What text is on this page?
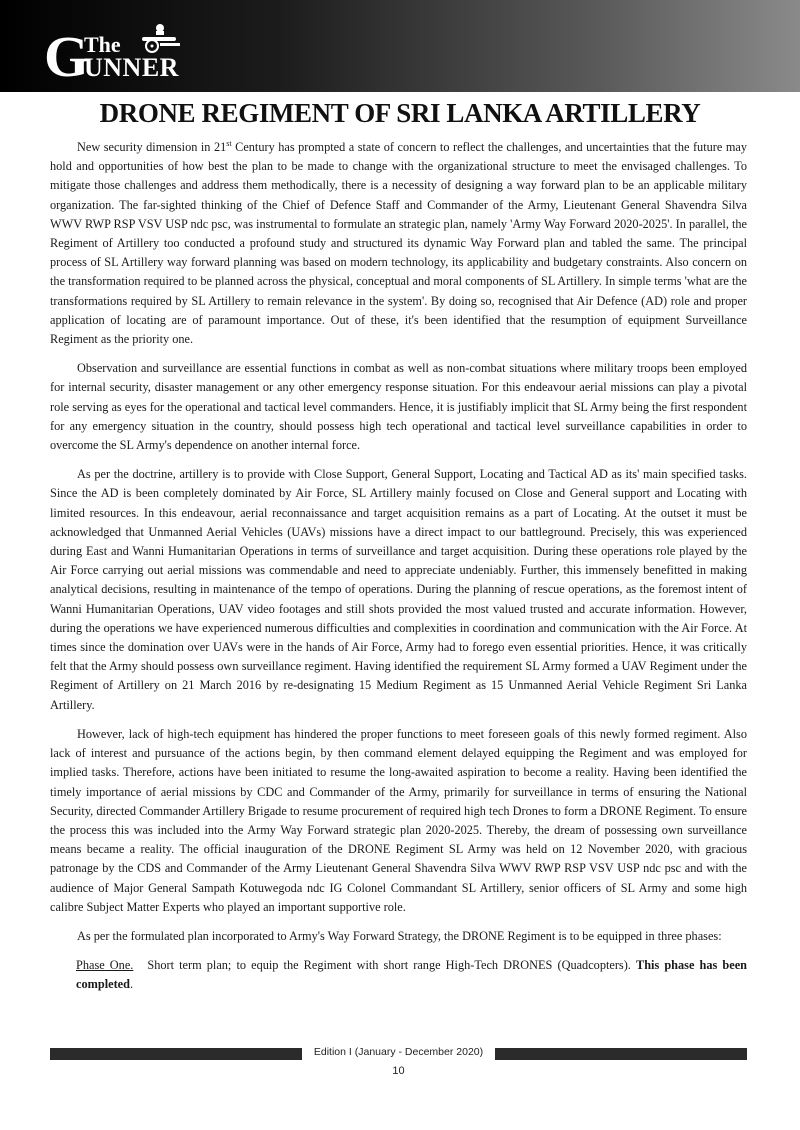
G
The
UNNER
DRONE REGIMENT OF SRI LANKA ARTILLERY

New security dimension in 21st Century has prompted a state of concern to reflect the challenges, and uncertainties that the future may hold and opportunities of how best the plan to be made to change with the organizational structure to meet the envisaged challenges. To mitigate those challenges and address them methodically, there is a necessity of designing a way forward plan to be an applicable military organization. The far-sighted thinking of the Chief of Defence Staff and Commander of the Army, Lieutenant General Shavendra Silva WWV RWP RSP VSV USP ndc psc, was instrumental to formulate an strategic plan, namely 'Army Way Forward 2020-2025'. In parallel, the Regiment of Artillery too conducted a profound study and structured its dynamic Way Forward plan and tabled the same. The principal process of SL Artillery way forward planning was based on modern technology, its applicability and budgetary constraints. Also concern on the transformation required to be planned across the physical, conceptual and moral components of SL Artillery. In simple terms 'what are the transformations required by SL Artillery to remain relevance in the system'. By doing so, recognised that Air Defence (AD) role and proper application of locating are of paramount importance. Out of these, it's been identified that the resumption of equipment Surveillance Regiment as the priority one.

Observation and surveillance are essential functions in combat as well as non-combat situations where military troops been employed for internal security, disaster management or any other emergency response situation. For this endeavour aerial missions can play a pivotal role serving as eyes for the operational and tactical level commanders. Hence, it is justifiably implicit that SL Army being the first respondent for any emergency situation in the country, should possess high tech operational and tactical level surveillance capabilities in order to overcome the SL Army's dependence on another internal force.

As per the doctrine, artillery is to provide with Close Support, General Support, Locating and Tactical AD as its' main specified tasks. Since the AD is been completely dominated by Air Force, SL Artillery mainly focused on Close and General support and Locating with limited resources. In this endeavour, aerial reconnaissance and target acquisition remains as a part of Locating. At the outset it must be acknowledged that Unmanned Aerial Vehicles (UAVs) missions have a direct impact to our battleground. Precisely, this was experienced during East and Wanni Humanitarian Operations in terms of surveillance and target acquisition. During these operations role played by the Air Force carrying out aerial missions was commendable and need to appreciate undeniably. Further, this immensely benefitted in making analytical decisions, resulting in maintenance of the tempo of operations. During the planning of rescue operations, as the foremost intent of Wanni Humanitarian Operations, UAV video footages and still shots provided the most valued trusted and accurate information. However, during the operations we have experienced numerous difficulties and complexities in coordination and communication with the Air Force. At times since the domination over UAVs were in the hands of Air Force, Army had to forego even essential priorities. Hence, it was critically felt that the Army should possess own surveillance regiment. Having identified the requirement SL Army formed a UAV Regiment under the Regiment of Artillery on 21 March 2016 by re-designating 15 Medium Regiment as 15 Unmanned Aerial Vehicle Regiment Sri Lanka Artillery.

However, lack of high-tech equipment has hindered the proper functions to meet foreseen goals of this newly formed regiment. Also lack of interest and pursuance of the actions begin, by then command element delayed equipping the Regiment and was employed for implied tasks. Therefore, actions have been initiated to resume the long-awaited aspiration to become a reality. Having been identified the timely importance of aerial missions by CDC and Commander of the Army, primarily for surveillance in terms of ensuring the National Security, directed Commander Artillery Brigade to resume procurement of required high tech Drones to form a DRONE Regiment. To ensure the process this was included into the Army Way Forward strategic plan 2020-2025. Thereby, the dream of possessing own surveillance means became a reality. The official inauguration of the DRONE Regiment SL Army was held on 12 November 2020, with gracious patronage by the CDS and Commander of the Army Lieutenant General Shavendra Silva WWV RWP RSP VSV USP ndc psc and with the audience of Major General Sampath Kotuwegoda ndc IG Colonel Commandant SL Artillery, senior officers of SL Army and some high calibre Subject Matter Experts who played an important supportive role.

As per the formulated plan incorporated to Army's Way Forward Strategy, the DRONE Regiment is to be equipped in three phases:

Phase One. Short term plan; to equip the Regiment with short range High-Tech DRONES (Quadcopters). This phase has been completed.

Edition I (January - December 2020)
10
